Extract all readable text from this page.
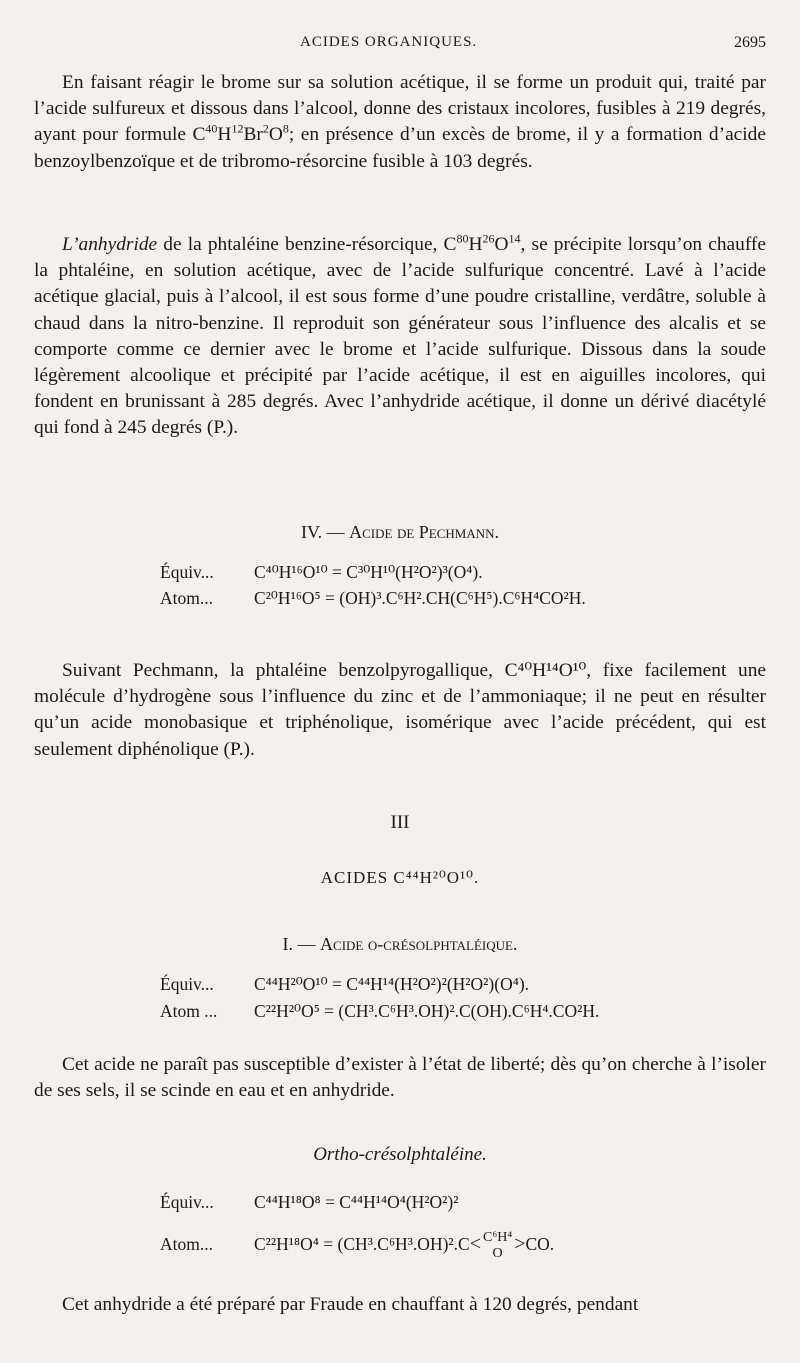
ACIDES ORGANIQUES.	2695
En faisant réagir le brome sur sa solution acétique, il se forme un produit qui, traité par l’acide sulfureux et dissous dans l’alcool, donne des cristaux incolores, fusibles à 219 degrés, ayant pour formule $C^{40}H^{12}Br^2O^8$; en présence d’un excès de brome, il y a formation d’acide benzoylbenzoïque et de tribromo-résorcine fusible à 103 degrés.
L’anhydride de la phtaléine benzine-résorcique, $C^{80}H^{26}O^{14}$, se précipite lorsqu’on chauffe la phtaléine, en solution acétique, avec de l’acide sulfurique concentré. Lavé à l’acide acétique glacial, puis à l’alcool, il est sous forme d’une poudre cristalline, verdâtre, soluble à chaud dans la nitro-benzine. Il reproduit son générateur sous l’influence des alcalis et se comporte comme ce dernier avec le brome et l’acide sulfurique. Dissous dans la soude légèrement alcoolique et précipité par l’acide acétique, il est en aiguilles incolores, qui fondent en brunissant à 285 degrés. Avec l’anhydride acétique, il donne un dérivé diacétylé qui fond à 245 degrés (P.).
IV. — Acide de Pechmann.
Équiv... C⁴⁰H¹⁶O¹⁰ = C³⁰H¹⁰(H²O²)³(O⁴).
Atom... C²⁰H¹⁶O⁵ = (OH)³.C⁶H².CH(C⁶H⁵).C⁶H⁴CO²H.
Suivant Pechmann, la phtaléine benzolpyrogallique, C⁴⁰H¹⁴O¹⁰, fixe facilement une molécule d’hydrogène sous l’influence du zinc et de l’ammoniaque; il ne peut en résulter qu’un acide monobasique et triphénolique, isomérique avec l’acide précédent, qui est seulement diphénolique (P.).
III
ACIDES C⁴⁴H²⁰O¹⁰.
I. — Acide o-crésolphtaléique.
Équiv... C⁴⁴H²⁰O¹⁰ = C⁴⁴H¹⁴(H²O²)²(H²O²)(O⁴).
Atom ... C²²H²⁰O⁵ = (CH³.C⁶H³.OH)².C(OH).C⁶H⁴.CO²H.
Cet acide ne paraît pas susceptible d’exister à l’état de liberté; dès qu’on cherche à l’isoler de ses sels, il se scinde en eau et en anhydride.
Ortho-crésolphtaléine.
Équiv... C⁴⁴H¹⁸O⁸ = C⁴⁴H¹⁴O⁴(H²O²)²
Atom... C²²H¹⁸O⁴ = (CH³.C⁶H³.OH)².C< C⁶H⁴
O >CO.
Cet anhydride a été préparé par Fraude en chauffant à 120 degrés, pendant
